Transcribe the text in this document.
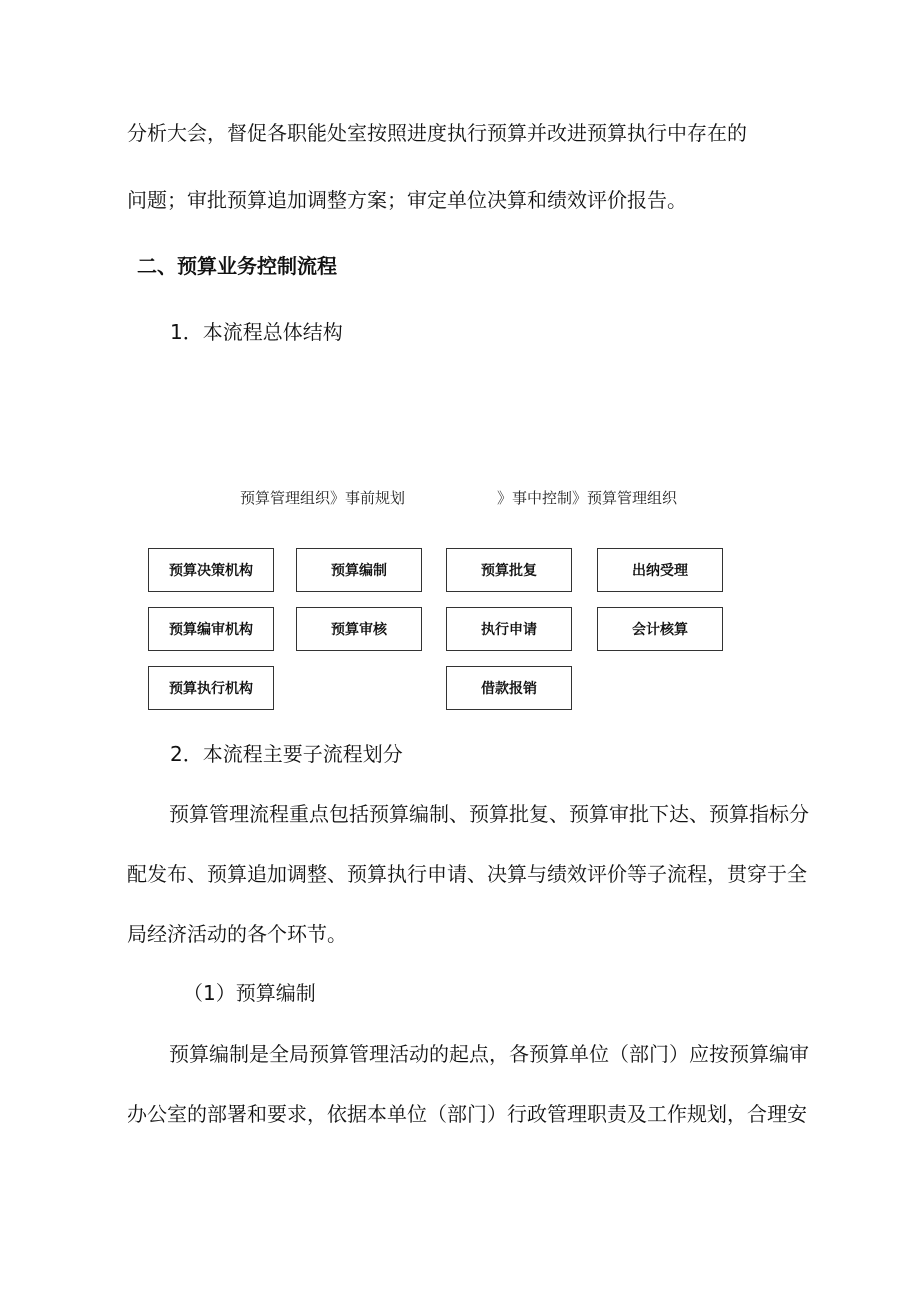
分析大会，督促各职能处室按照进度执行预算并改进预算执行中存在的
问题；审批预算追加调整方案；审定单位决算和绩效评价报告。
二、预算业务控制流程
1．本流程总体结构
预算管理组织》事前规划	》事中控制》预算管理组织
预算决策机构
预算编审机构
预算执行机构
预算编制
预算审核
预算批复
执行申请
借款报销
出纳受理
会计核算
2．本流程主要子流程划分
预算管理流程重点包括预算编制、预算批复、预算审批下达、预算指标分
配发布、预算追加调整、预算执行申请、决算与绩效评价等子流程，贯穿于全
局经济活动的各个环节。
（1）预算编制
预算编制是全局预算管理活动的起点，各预算单位（部门）应按预算编审
办公室的部署和要求，依据本单位（部门）行政管理职责及工作规划，合理安
